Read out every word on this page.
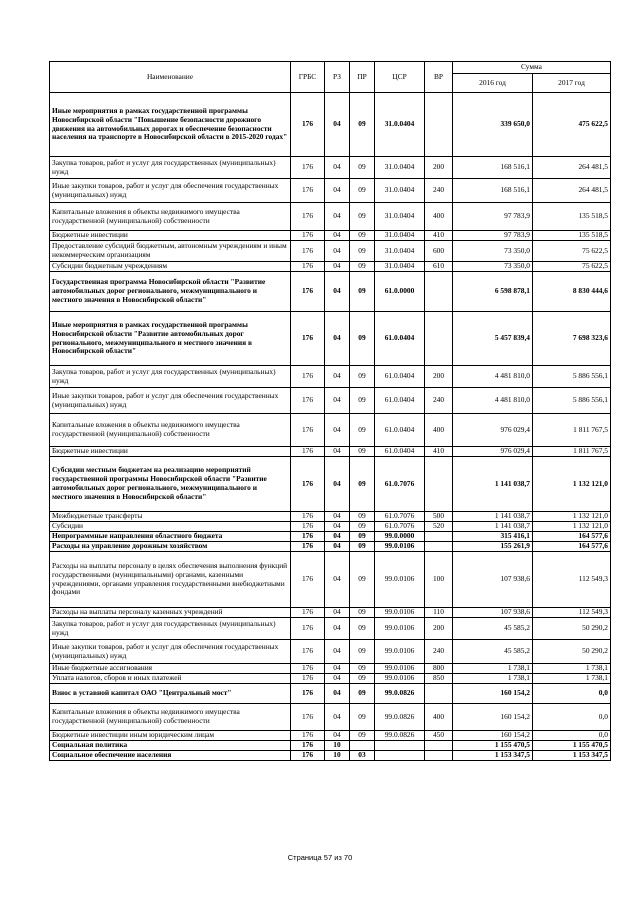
Наименование	ГРБС	РЗ	ПР	ЦСР	ВР	Сумма	
						2016 год	2017 год
Иные мероприятия в рамках государственной программы Новосибирской области "Повышение безопасности дорожного движения на автомобильных дорогах и обеспечение безопасности населения на транспорте в Новосибирской области в 2015-2020 годах"	176	04	09	31.0.0404		339 650,0	475 622,5
Закупка товаров, работ и услуг для государственных (муниципальных) нужд	176	04	09	31.0.0404	200	168 516,1	264 481,5
Иные закупки товаров, работ и услуг для обеспечения государственных (муниципальных) нужд	176	04	09	31.0.0404	240	168 516,1	264 481,5
Капитальные вложения в объекты недвижимого имущества государственной (муниципальной) собственности	176	04	09	31.0.0404	400	97 783,9	135 518,5
Бюджетные инвестиции	176	04	09	31.0.0404	410	97 783,9	135 518,5
Предоставление субсидий бюджетным, автономным учреждениям и иным некоммерческим организациям	176	04	09	31.0.0404	600	73 350,0	75 622,5
Субсидии бюджетным учреждениям	176	04	09	31.0.0404	610	73 350,0	75 622,5
Государственная программа Новосибирской области "Развитие автомобильных дорог регионального, межмуниципального и местного значения в Новосибирской области"	176	04	09	61.0.0000		6 598 878,1	8 830 444,6
Иные мероприятия в рамках государственной программы Новосибирской области "Развитие автомобильных дорог регионального, межмуниципального и местного значения в Новосибирской области"	176	04	09	61.0.0404		5 457 839,4	7 698 323,6
Закупка товаров, работ и услуг для государственных (муниципальных) нужд	176	04	09	61.0.0404	200	4 481 810,0	5 886 556,1
Иные закупки товаров, работ и услуг для обеспечения государственных (муниципальных) нужд	176	04	09	61.0.0404	240	4 481 810,0	5 886 556,1
Капитальные вложения в объекты недвижимого имущества государственной (муниципальной) собственности	176	04	09	61.0.0404	400	976 029,4	1 811 767,5
Бюджетные инвестиции	176	04	09	61.0.0404	410	976 029,4	1 811 767,5
Субсидии местным бюджетам на реализацию мероприятий государственной программы Новосибирской области "Развитие автомобильных дорог регионального, межмуниципального и местного значения в Новосибирской области"	176	04	09	61.0.7076		1 141 038,7	1 132 121,0
Межбюджетные трансферты	176	04	09	61.0.7076	500	1 141 038,7	1 132 121,0
Субсидии	176	04	09	61.0.7076	520	1 141 038,7	1 132 121,0
Непрограммные направления областного бюджета	176	04	09	99.0.0000		315 416,1	164 577,6
Расходы на управление дорожным хозяйством	176	04	09	99.0.0106		155 261,9	164 577,6
Расходы на выплаты персоналу в целях обеспечения выполнения функций государственными (муниципальными) органами, казенными учреждениями, органами управления государственными внебюджетными фондами	176	04	09	99.0.0106	100	107 938,6	112 549,3
Расходы на выплаты персоналу казенных учреждений	176	04	09	99.0.0106	110	107 938,6	112 549,3
Закупка товаров, работ и услуг для государственных (муниципальных) нужд	176	04	09	99.0.0106	200	45 585,2	50 290,2
Иные закупки товаров, работ и услуг для обеспечения государственных (муниципальных) нужд	176	04	09	99.0.0106	240	45 585,2	50 290,2
Иные бюджетные ассигнования	176	04	09	99.0.0106	800	1 738,1	1 738,1
Уплата налогов, сборов и иных платежей	176	04	09	99.0.0106	850	1 738,1	1 738,1
Взнос в уставной капитал ОАО "Центральный мост"	176	04	09	99.0.0826		160 154,2	0,0
Капитальные вложения в объекты недвижимого имущества государственной (муниципальной) собственности	176	04	09	99.0.0826	400	160 154,2	0,0
Бюджетные инвестиции иным юридическим лицам	176	04	09	99.0.0826	450	160 154,2	0,0
Социальная политика	176	10				1 155 470,5	1 155 470,5
Социальное обеспечение населения	176	10	03			1 153 347,5	1 153 347,5
Страница 57 из 70
